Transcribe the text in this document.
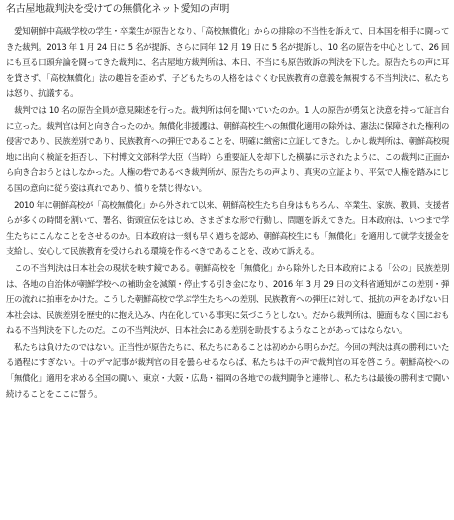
名古屋地裁判決を受けての無償化ネット愛知の声明

　愛知朝鮮中高級学校の学生・卒業生が原告となり、「高校無償化」からの排除の不当性を訴えて、日本国を相手に闘ってきた裁判。2013 年 1 月 24 日に 5 名が提訴、さらに同年 12 月 19 日に 5 名が提訴し、10 名の原告を中心として、26 回にも亘る口頭弁論を闘ってきた裁判に、名古屋地方裁判所は、本日、不当にも原告敗訴の判決を下した。原告たちの声に耳を貸さず、「高校無償化」法の趣旨を歪めず、子どもたちの人格をはぐくむ民族教育の意義を無視する不当判決に、私たちは怒り、抗議する。

　裁判では 10 名の原告全員が意見陳述を行った。裁判所は何を聞いていたのか。1 人の原告が勇気と決意を持って証言台に立った。裁判官は何と向き合ったのか。無償化非援護は、朝鮮高校生への無償化適用の除外は、憲法に保障された権利の侵害であり、民族差別であり、民族教育への弾圧であることを、明確に緻密に立証してきた。しかし裁判所は、朝鮮高校現地に出向く検証を拒否し、下村博文文部科学大臣（当時）ら重要証人を却下した横暴に示されたように、この裁判に正面から向き合おうとはしなかった。人権の砦であるべき裁判所が、原告たちの声より、真実の立証より、平気で人権を踏みにじる国の意向に従う姿は真れであり、憤りを禁じ得ない。

　2010 年に朝鮮高校が「高校無償化」から外されて以来、朝鮮高校生たち自身はもちろん、卒業生、家族、教員、支援者らが多くの時間を割いて、署名、街頭宣伝をはじめ、さまざまな形で行動し、問題を訴えてきた。日本政府は、いつまで学生たちにこんなことをさせるのか。日本政府は一刻も早く過ちを認め、朝鮮高校生にも「無償化」を適用して就学支援金を支給し、安心して民族教育を受けられる環境を作るべきであることを、改めて訴える。

　この不当判決は日本社会の現状を映す鏡である。朝鮮高校を「無償化」から除外した日本政府による「公の」民族差別は、各地の自治体が朝鮮学校への補助金を減額・停止する引き金になり、2016 年 3 月 29 日の文科省通知がこの差別・弾圧の流れに拍車をかけた。こうした朝鮮高校で学ぶ学生たちへの差別、民族教育への弾圧に対して、抵抗の声をあげない日本社会は、民族差別を歴史的に抱え込み、内在化している事実に気づこうとしない。だから裁判所は、臆面もなく国におもねる不当判決を下したのだ。この不当判決が、日本社会にある差別を助長するようなことがあってはならない。

　私たちは負けたのではない。正当性が原告たちに、私たちにあることは初めから明らかだ。今回の判決は真の勝利にいたる過程にすぎない。十のデマ記事が裁判官の目を曇らせるならば、私たちは千の声で裁判官の耳を啓こう。朝鮮高校への「無償化」適用を求める全国の闘い、東京・大阪・広島・福岡の各地での裁判闘争と連帯し、私たちは最後の勝利まで闘い続けることをここに誓う。
